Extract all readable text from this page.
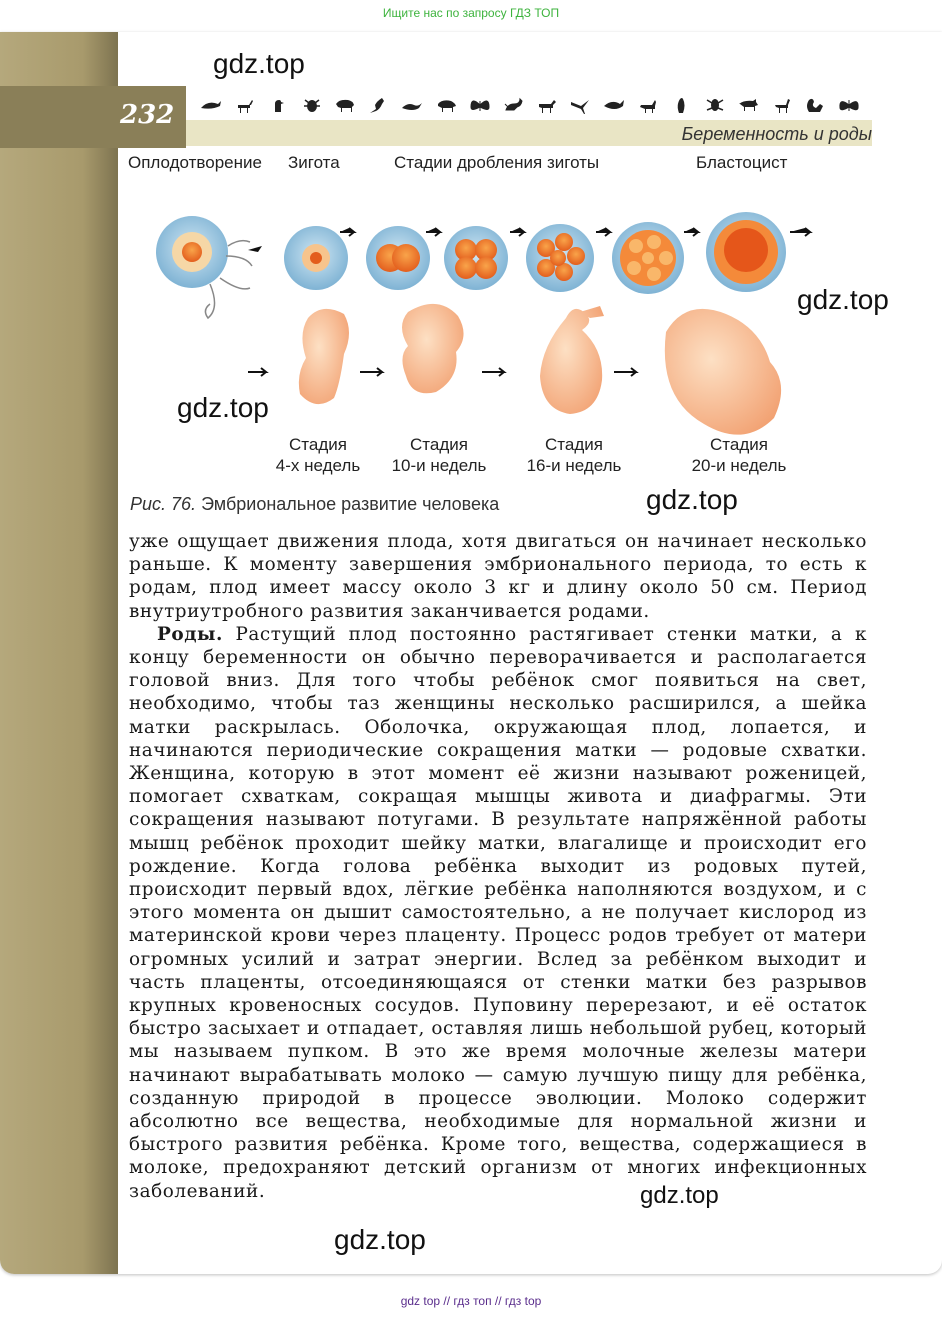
Ищите нас по запросу ГДЗ ТОП
232
Беременность и роды
gdz.top
gdz.top
gdz.top
gdz.top
gdz.top
gdz.top
Оплодотворение Зигота	Стадии дробления зиготы	Бластоцист
Стадия
4-х недель
Стадия
10-и недель
Стадия
16-и недель
Стадия
20-и недель
Рис. 76. Эмбриональное развитие человека

уже ощущает движения плода, хотя двигаться он начинает несколько раньше. К моменту завершения эмбрионального периода, то есть к родам, плод имеет массу около 3 кг и длину около 50 см. Период внутриутробного развития заканчивается родами.

Роды. Растущий плод постоянно растягивает стенки матки, а к концу беременности он обычно переворачивается и располагается головой вниз. Для того чтобы ребёнок смог появиться на свет, необходимо, чтобы таз женщины несколько расширился, а шейка матки раскрылась. Оболочка, окружающая плод, лопается, и начинаются периодические сокращения матки — родовые схватки. Женщина, которую в этот момент её жизни называют роженицей, помогает схваткам, сокращая мышцы живота и диафрагмы. Эти сокращения называют потугами. В результате напряжённой работы мышц ребёнок проходит шейку матки, влагалище и происходит его рождение. Когда голова ребёнка выходит из родовых путей, происходит первый вдох, лёгкие ребёнка наполняются воздухом, и с этого момента он дышит самостоятельно, а не получает кислород из материнской крови через плаценту. Процесс родов требует от матери огромных усилий и затрат энергии. Вслед за ребёнком выходит и часть плаценты, отсоединяющаяся от стенки матки без разрывов крупных кровеносных сосудов. Пуповину перерезают, и её остаток быстро засыхает и отпадает, оставляя лишь небольшой рубец, который мы называем пупком. В это же время молочные железы матери начинают вырабатывать молоко — самую лучшую пищу для ребёнка, созданную природой в процессе эволюции. Молоко содержит абсолютно все вещества, необходимые для нормальной жизни и быстрого развития ребёнка. Кроме того, вещества, содержащиеся в молоке, предохраняют детский организм от многих инфекционных заболеваний.

gdz top // гдз топ // гдз top
